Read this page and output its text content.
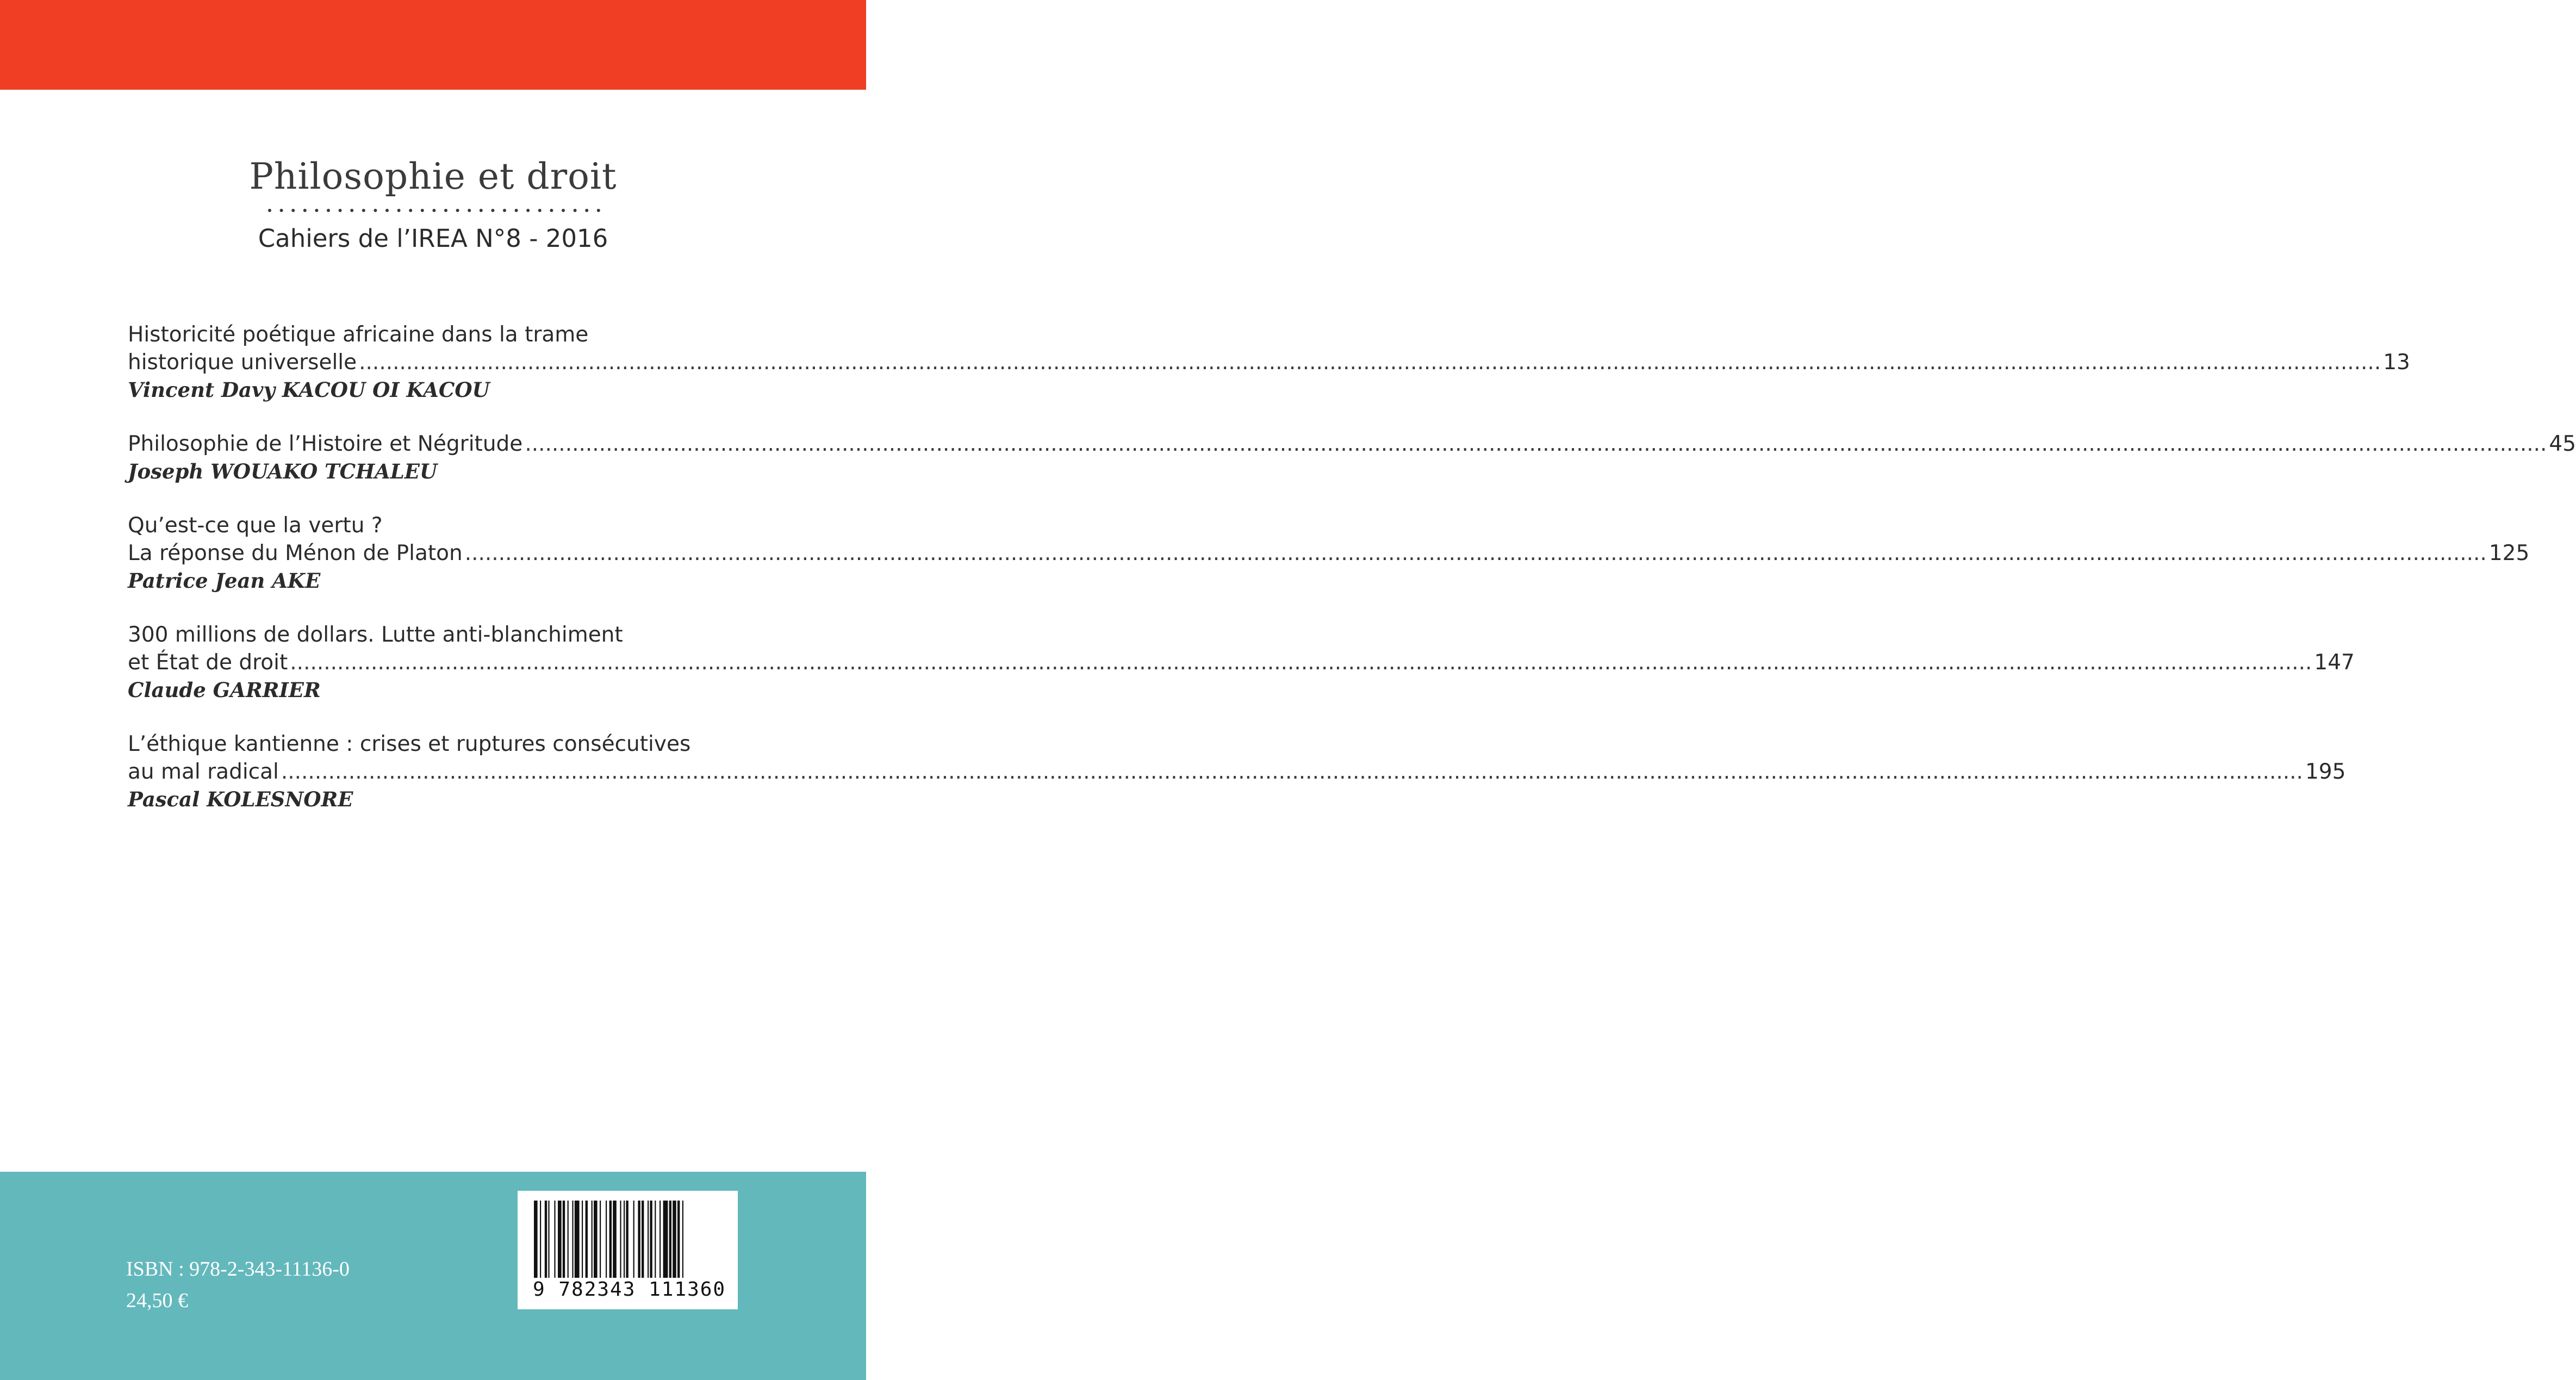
Philosophie et droit
Cahiers de l’IREA N°8 - 2016
Historicité poétique africaine dans la trame
historique universelle ............................................................................................................................................................................................................................................................................................................ 13
Vincent Davy KACOU OI KACOU
Philosophie de l’Histoire et Négritude ............................................................................................................................................................................................................................................................................................................ 45
Joseph WOUAKO TCHALEU
Qu’est-ce que la vertu ?
La réponse du Ménon de Platon ............................................................................................................................................................................................................................................................................................................ 125
Patrice Jean AKE
300 millions de dollars. Lutte anti-blanchiment
et État de droit ............................................................................................................................................................................................................................................................................................................ 147
Claude GARRIER
L’éthique kantienne : crises et ruptures consécutives
au mal radical ............................................................................................................................................................................................................................................................................................................ 195
Pascal KOLESNORE
ISBN : 978-2-343-11136-0
24,50 €	9 782343 111360
